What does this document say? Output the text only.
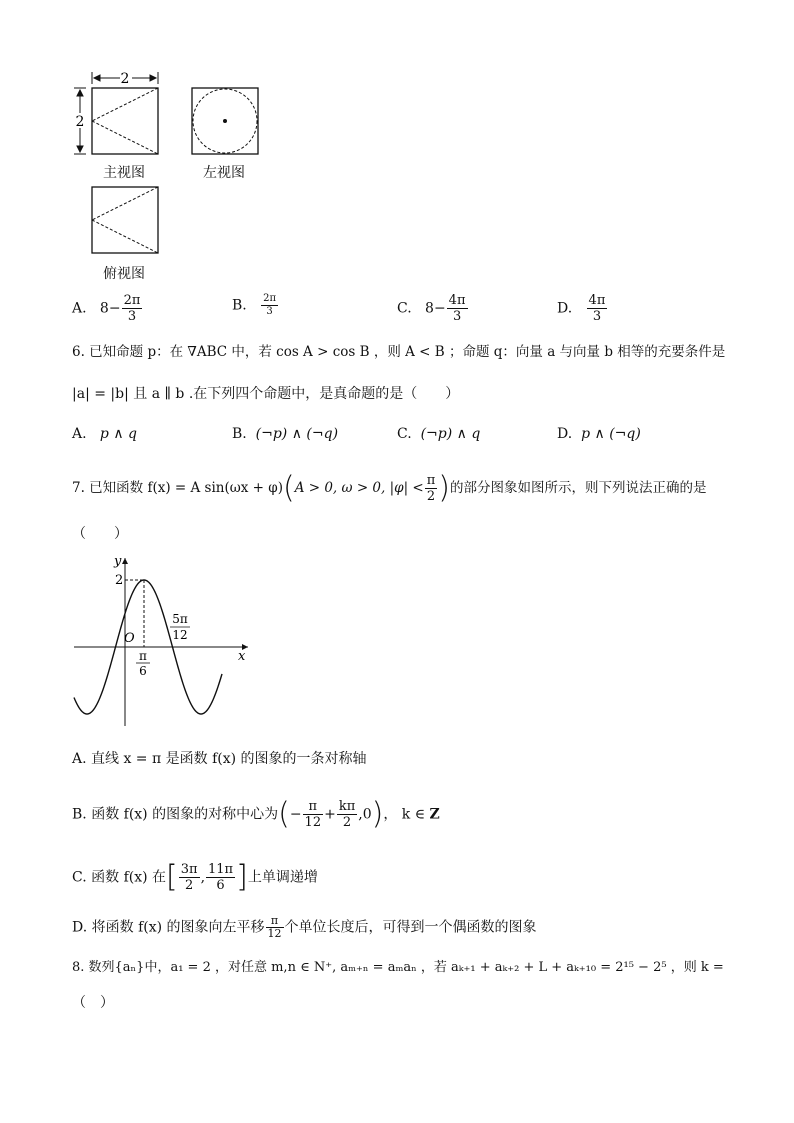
2
2
主视图	左视图
俯视图
A. $8- \frac{2\pi}{3}$	B. $\frac{2\pi}{3}$	C. $8- \frac{4\pi}{3}$	D. $\frac{4\pi}{3}$
6. 已知命题 p：在 ∇ABC 中，若 cos A > cos B ，则 A < B ；命题 q：向量 a 与向量 b 相等的充要条件是
|a| = |b| 且 a ∥ b .在下列四个命题中，是真命题的是（　　）
A. p ∧ q	B. (¬p) ∧ (¬q)	C. (¬p) ∧ q	D. p ∧ (¬q)
7. 已知函数 f(x) = A sin(ωx + φ)(A > 0, ω > 0, $|\varphi| < \frac{\pi}{2}$ )的部分图象如图所示，则下列说法正确的是
（　　）
y
x
O
2
π
6
5π
12
A. 直线 x = π 是函数 f(x) 的图象的一条对称轴
B. 函数 f(x) 的图象的对称中心为(− $\frac{\pi}{12} + \frac{k\pi}{2} ,0$)， k ∈ Z
C. 函数 f(x) 在[ $\frac{3\pi}{2}$ , $\frac{11\pi}{6}$ ]上单调递增
D. 将函数 f(x) 的图象向左平移 $\frac{\pi}{12}$ 个单位长度后，可得到一个偶函数的图象
8. 数列{aₙ}中，a₁ = 2 ，对任意 m,n ∈ N⁺, aₘ₊ₙ = aₘaₙ ，若 aₖ₊₁ + aₖ₊₂ + L + aₖ₊₁₀ = 2¹⁵ − 2⁵ ，则 k =
（　）
